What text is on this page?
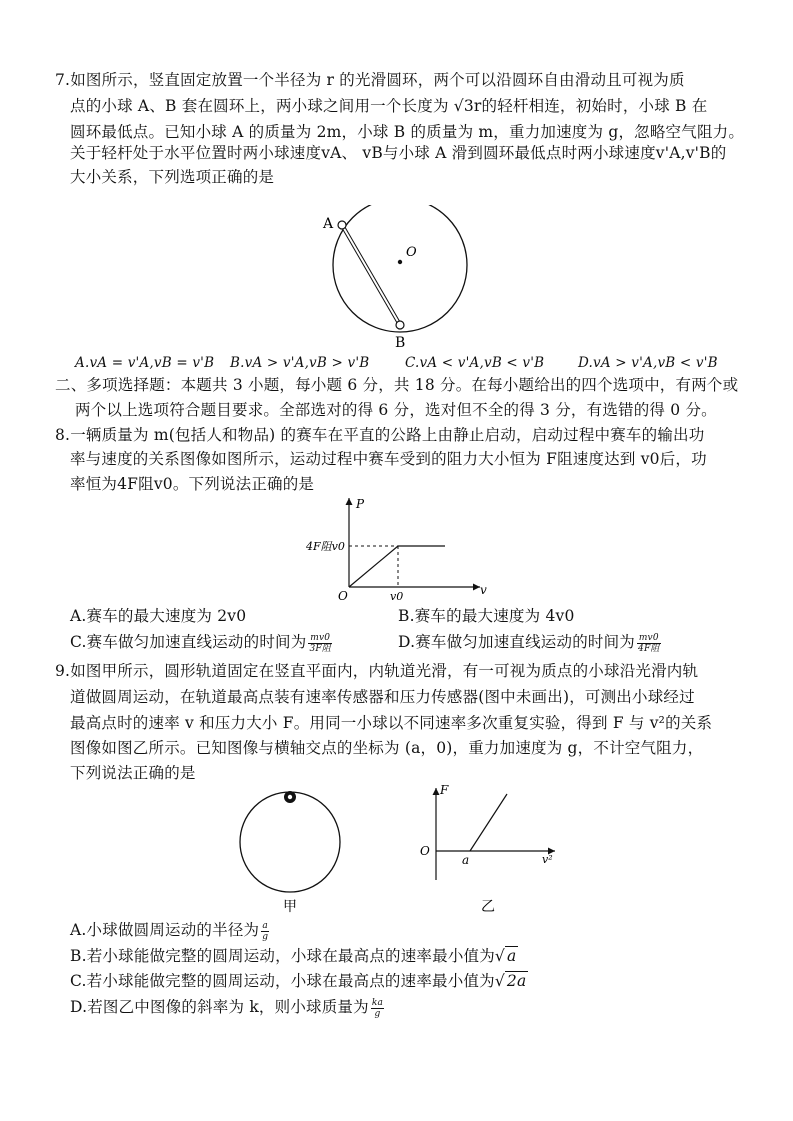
7.如图所示，竖直固定放置一个半径为 r 的光滑圆环，两个可以沿圆环自由滑动且可视为质
点的小球 A、B 套在圆环上，两小球之间用一个长度为 √3r的轻杆相连，初始时，小球 B 在
圆环最低点。已知小球 A 的质量为 2m，小球 B 的质量为 m，重力加速度为 g，忽略空气阻力。
关于轻杆处于水平位置时两小球速度vA、 vB与小球 A 滑到圆环最低点时两小球速度v'A,v'B的
大小关系，下列选项正确的是
A
O
B
A.vA = v'A,vB = v'B B.vA > v'A,vB > v'B	C.vA < v'A,vB < v'B D.vA > v'A,vB < v'B
二、多项选择题：本题共 3 小题，每小题 6 分，共 18 分。在每小题给出的四个选项中，有两个或
两个以上选项符合题目要求。全部选对的得 6 分，选对但不全的得 3 分，有选错的得 0 分。
8.一辆质量为 m(包括人和物品) 的赛车在平直的公路上由静止启动，启动过程中赛车的输出功
率与速度的关系图像如图所示，运动过程中赛车受到的阻力大小恒为 F阻速度达到 v0后，功
率恒为4F阻v0。下列说法正确的是
P
v
O
4F阻v0
v0
A.赛车的最大速度为 2v0	B.赛车的最大速度为 4v0
C.赛车做匀加速直线运动的时间为 $\frac{mv0}{\text{3F阻}}$	D.赛车做匀加速直线运动的时间为 $\frac{mv0}{\text{4F阻}}$
9.如图甲所示，圆形轨道固定在竖直平面内，内轨道光滑，有一可视为质点的小球沿光滑内轨
道做圆周运动，在轨道最高点装有速率传感器和压力传感器(图中未画出)，可测出小球经过
最高点时的速率 v 和压力大小 F。用同一小球以不同速率多次重复实验，得到 F 与 v²的关系
图像如图乙所示。已知图像与横轴交点的坐标为 (a，0)，重力加速度为 g，不计空气阻力，
下列说法正确的是
甲
F
v²
O
a
乙
A.小球做圆周运动的半径为 $\frac{a}{g}$
B.若小球能做完整的圆周运动，小球在最高点的速率最小值为√ a
C.若小球能做完整的圆周运动，小球在最高点的速率最小值为√ 2a
D.若图乙中图像的斜率为 k，则小球质量为 $\frac{ka}{g}$
